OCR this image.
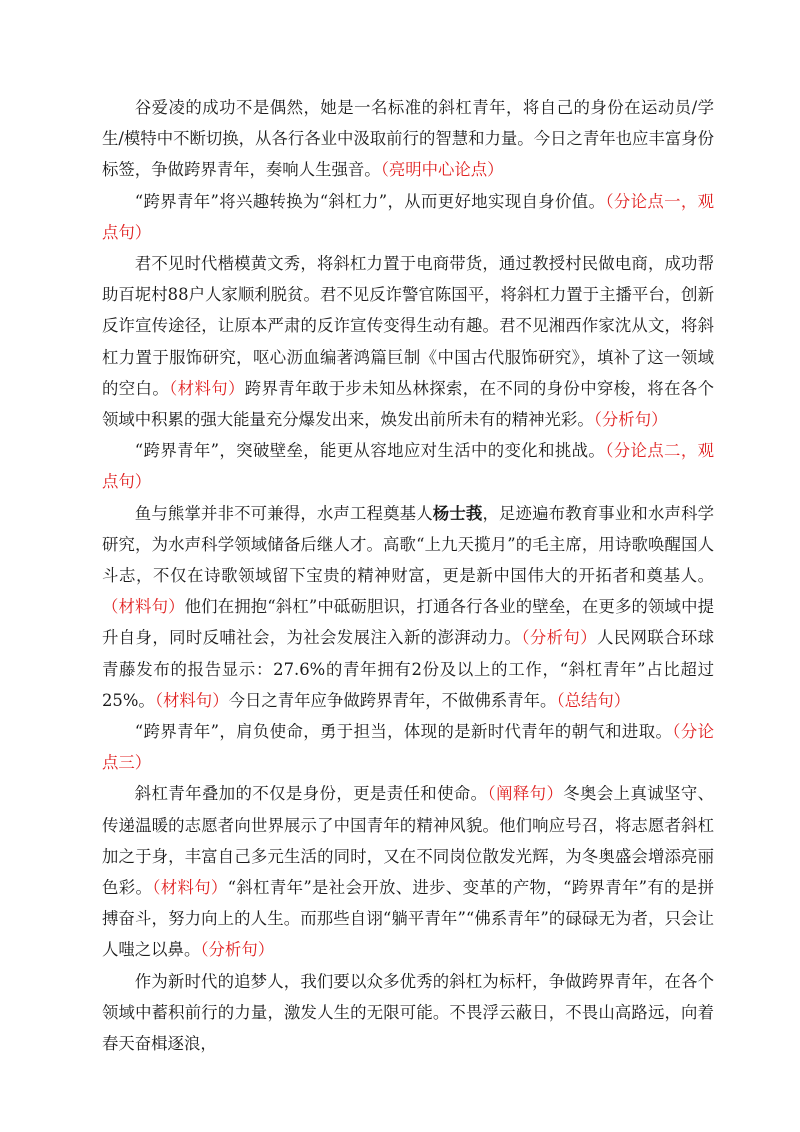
谷爱凌的成功不是偶然，她是一名标准的斜杠青年，将自己的身份在运动员/学生/模特中不断切换，从各行各业中汲取前行的智慧和力量。今日之青年也应丰富身份标签，争做跨界青年，奏响人生强音。（亮明中心论点）

“跨界青年”将兴趣转换为“斜杠力”，从而更好地实现自身价值。（分论点一，观点句）

君不见时代楷模黄文秀，将斜杠力置于电商带货，通过教授村民做电商，成功帮助百坭村88户人家顺利脱贫。君不见反诈警官陈国平，将斜杠力置于主播平台，创新反诈宣传途径，让原本严肃的反诈宣传变得生动有趣。君不见湘西作家沈从文，将斜杠力置于服饰研究，呕心沥血编著鸿篇巨制《中国古代服饰研究》，填补了这一领域的空白。（材料句）跨界青年敢于步未知丛林探索，在不同的身份中穿梭，将在各个领域中积累的强大能量充分爆发出来，焕发出前所未有的精神光彩。（分析句）

“跨界青年”，突破壁垒，能更从容地应对生活中的变化和挑战。（分论点二，观点句）

鱼与熊掌并非不可兼得，水声工程奠基人杨士莪，足迹遍布教育事业和水声科学研究，为水声科学领域储备后继人才。高歌“上九天揽月”的毛主席，用诗歌唤醒国人斗志，不仅在诗歌领域留下宝贵的精神财富，更是新中国伟大的开拓者和奠基人。（材料句）他们在拥抱“斜杠”中砥砺胆识，打通各行各业的壁垒，在更多的领域中提升自身，同时反哺社会，为社会发展注入新的澎湃动力。（分析句）人民网联合环球青藤发布的报告显示：27.6%的青年拥有2份及以上的工作，“斜杠青年”占比超过25%。（材料句）今日之青年应争做跨界青年，不做佛系青年。（总结句）

“跨界青年”，肩负使命，勇于担当，体现的是新时代青年的朝气和进取。（分论点三）

斜杠青年叠加的不仅是身份，更是责任和使命。（阐释句）冬奥会上真诚坚守、传递温暖的志愿者向世界展示了中国青年的精神风貌。他们响应号召，将志愿者斜杠加之于身，丰富自己多元生活的同时，又在不同岗位散发光辉，为冬奥盛会增添亮丽色彩。（材料句）“斜杠青年”是社会开放、进步、变革的产物，“跨界青年”有的是拼搏奋斗，努力向上的人生。而那些自诩“躺平青年”“佛系青年”的碌碌无为者，只会让人嗤之以鼻。（分析句）

作为新时代的追梦人，我们要以众多优秀的斜杠为标杆，争做跨界青年，在各个领域中蓄积前行的力量，激发人生的无限可能。不畏浮云蔽日，不畏山高路远，向着春天奋楫逐浪，
